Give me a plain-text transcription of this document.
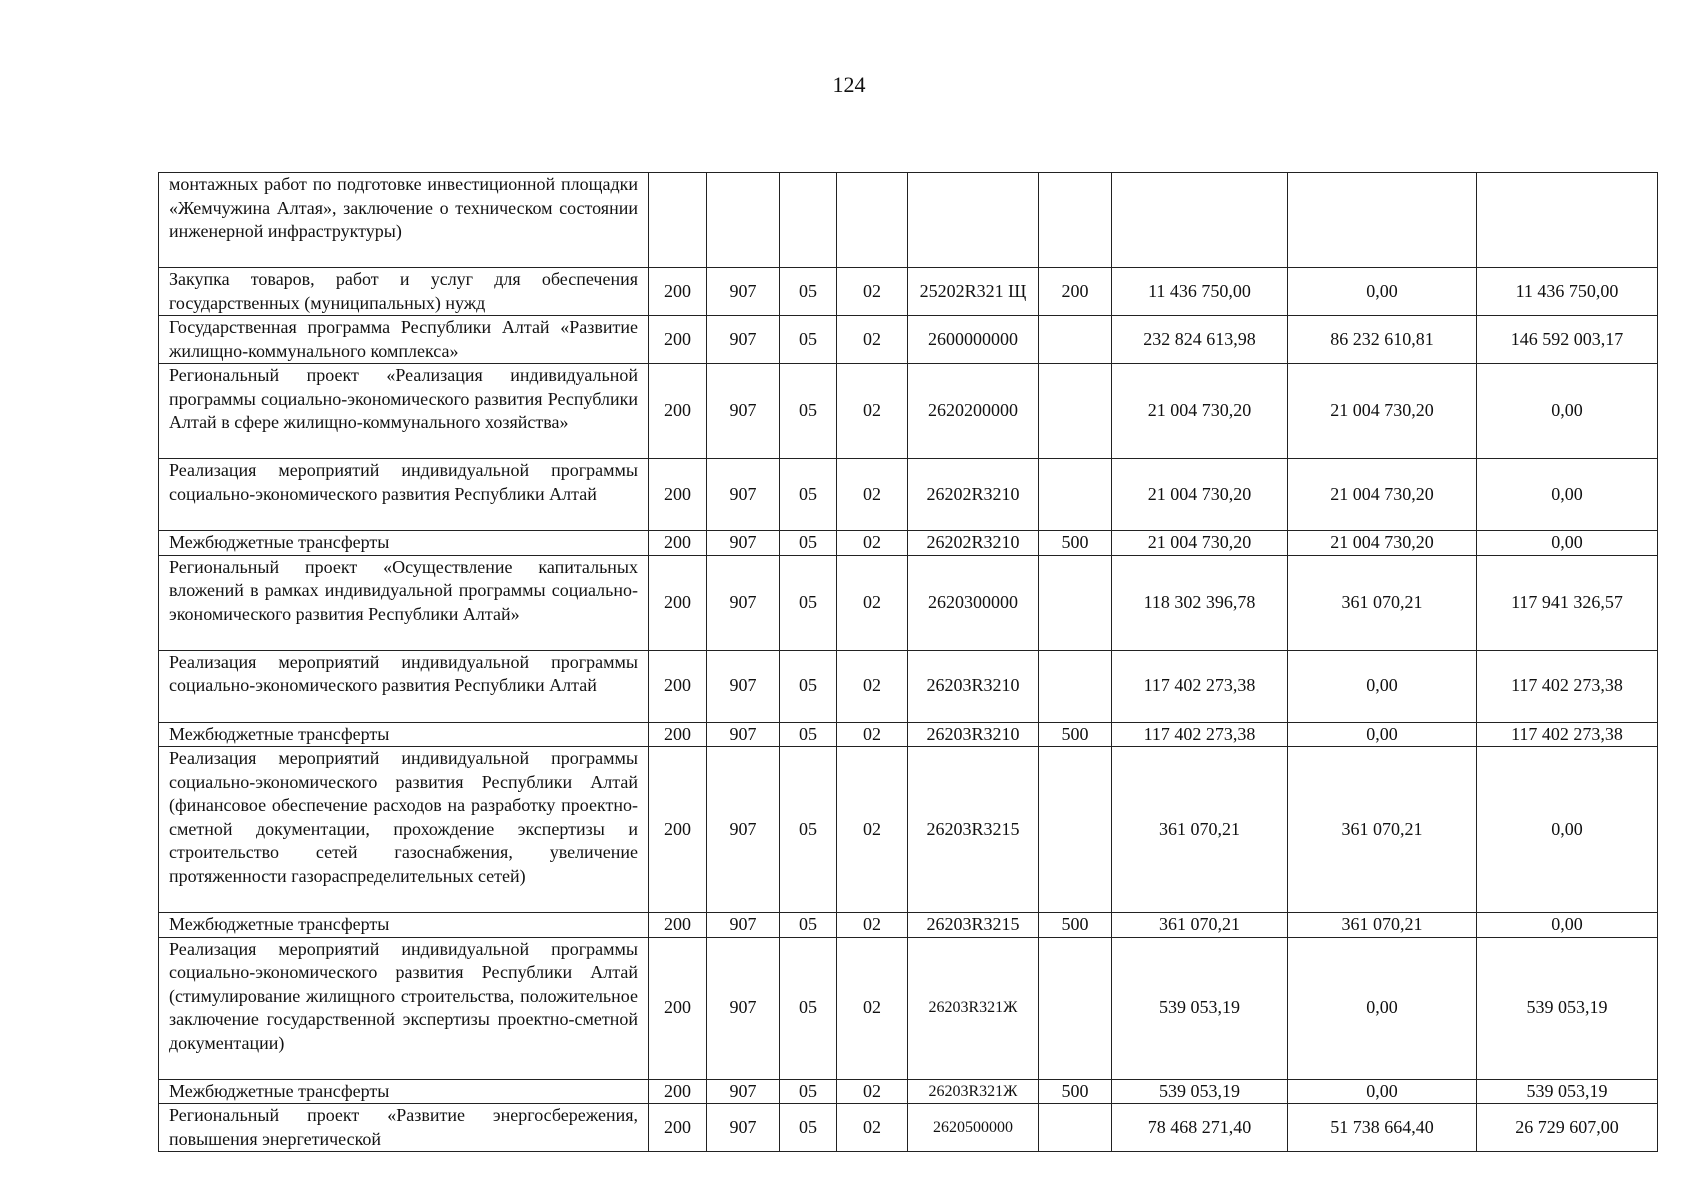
124
монтажных работ по подготовке инвестиционной площадки «Жемчужина Алтая», заключение о техническом состоянии инженерной инфраструктуры)									
Закупка товаров, работ и услуг для обеспечения государственных (муниципальных) нужд	200	907	05	02	25202R321 Щ	200	11 436 750,00	0,00	11 436 750,00
Государственная программа Республики Алтай «Развитие жилищно-коммунального комплекса»	200	907	05	02	2600000000		232 824 613,98	86 232 610,81	146 592 003,17
Региональный проект «Реализация индивидуальной программы социально-экономического развития Республики Алтай в сфере жилищно-коммунального хозяйства»	200	907	05	02	2620200000		21 004 730,20	21 004 730,20	0,00
Реализация мероприятий индивидуальной программы социально-экономического развития Республики Алтай	200	907	05	02	26202R3210		21 004 730,20	21 004 730,20	0,00
Межбюджетные трансферты	200	907	05	02	26202R3210	500	21 004 730,20	21 004 730,20	0,00
Региональный проект «Осуществление капитальных вложений в рамках индивидуальной программы социально-экономического развития Республики Алтай»	200	907	05	02	2620300000		118 302 396,78	361 070,21	117 941 326,57
Реализация мероприятий индивидуальной программы социально-экономического развития Республики Алтай	200	907	05	02	26203R3210		117 402 273,38	0,00	117 402 273,38
Межбюджетные трансферты	200	907	05	02	26203R3210	500	117 402 273,38	0,00	117 402 273,38
Реализация мероприятий индивидуальной программы социально-экономического развития Республики Алтай (финансовое обеспечение расходов на разработку проектно-сметной документации, прохождение экспертизы и строительство сетей газоснабжения, увеличение протяженности газораспределительных сетей)	200	907	05	02	26203R3215		361 070,21	361 070,21	0,00
Межбюджетные трансферты	200	907	05	02	26203R3215	500	361 070,21	361 070,21	0,00
Реализация мероприятий индивидуальной программы социально-экономического развития Республики Алтай (стимулирование жилищного строительства, положительное заключение государственной экспертизы проектно-сметной документации)	200	907	05	02	26203R321Ж		539 053,19	0,00	539 053,19
Межбюджетные трансферты	200	907	05	02	26203R321Ж	500	539 053,19	0,00	539 053,19
Региональный проект «Развитие энергосбережения, повышения энергетической	200	907	05	02	2620500000		78 468 271,40	51 738 664,40	26 729 607,00
